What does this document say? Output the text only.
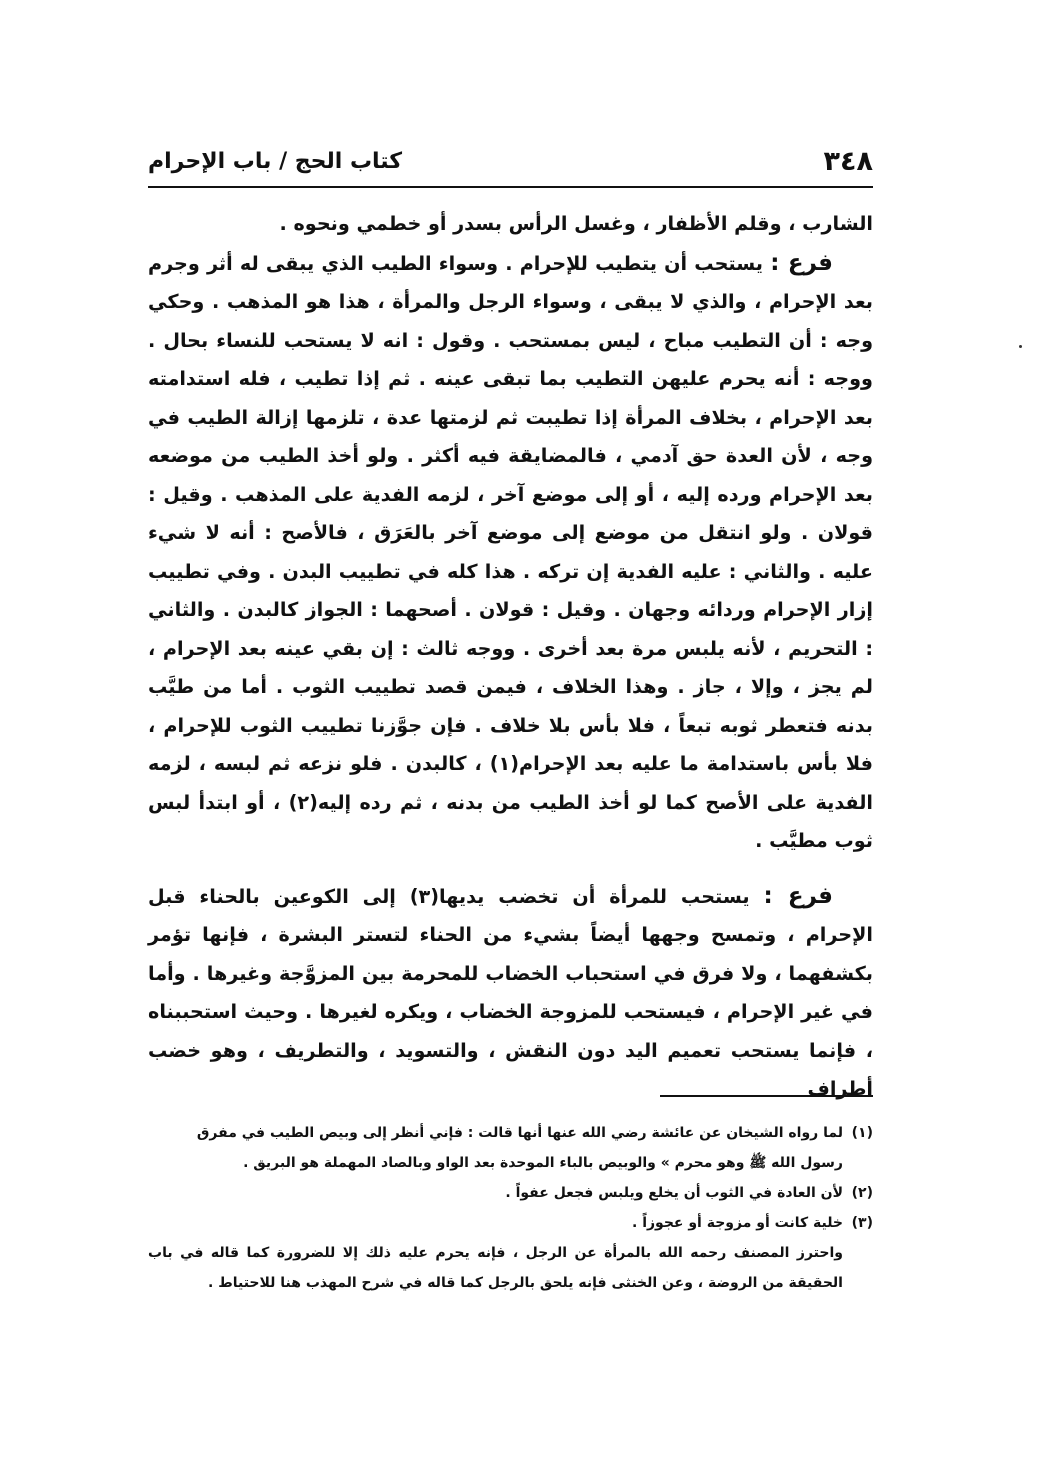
٣٤٨
كتاب الحج / باب الإحرام

الشارب ، وقلم الأظفار ، وغسل الرأس بسدر أو خطمي ونحوه .

فرع : يستحب أن يتطيب للإحرام . وسواء الطيب الذي يبقى له أثر وجرم بعد الإحرام ، والذي لا يبقى ، وسواء الرجل والمرأة ، هذا هو المذهب . وحكي وجه : أن التطيب مباح ، ليس بمستحب . وقول : انه لا يستحب للنساء بحال . ووجه : أنه يحرم عليهن التطيب بما تبقى عينه . ثم إذا تطيب ، فله استدامته بعد الإحرام ، بخلاف المرأة إذا تطيبت ثم لزمتها عدة ، تلزمها إزالة الطيب في وجه ، لأن العدة حق آدمي ، فالمضايقة فيه أكثر . ولو أخذ الطيب من موضعه بعد الإحرام ورده إليه ، أو إلى موضع آخر ، لزمه الفدية على المذهب . وقيل : قولان . ولو انتقل من موضع إلى موضع آخر بالعَرَق ، فالأصح : أنه لا شيء عليه . والثاني : عليه الفدية إن تركه . هذا كله في تطييب البدن . وفي تطييب إزار الإحرام وردائه وجهان . وقيل : قولان . أصحهما : الجواز كالبدن . والثاني : التحريم ، لأنه يلبس مرة بعد أخرى . ووجه ثالث : إن بقي عينه بعد الإحرام ، لم يجز ، وإلا ، جاز . وهذا الخلاف ، فيمن قصد تطييب الثوب . أما من طيَّب بدنه فتعطر ثوبه تبعاً ، فلا بأس بلا خلاف . فإن جوَّزنا تطييب الثوب للإحرام ، فلا بأس باستدامة ما عليه بعد الإحرام(١) ، كالبدن . فلو نزعه ثم لبسه ، لزمه الفدية على الأصح كما لو أخذ الطيب من بدنه ، ثم رده إليه(٢) ، أو ابتدأ لبس ثوب مطيَّب .

فرع : يستحب للمرأة أن تخضب يديها(٣) إلى الكوعين بالحناء قبل الإحرام ، وتمسح وجهها أيضاً بشيء من الحناء لتستر البشرة ، فإنها تؤمر بكشفهما ، ولا فرق في استحباب الخضاب للمحرمة بين المزوَّجة وغيرها . وأما في غير الإحرام ، فيستحب للمزوجة الخضاب ، ويكره لغيرها . وحيث استحببناه ، فإنما يستحب تعميم اليد دون النقش ، والتسويد ، والتطريف ، وهو خضب أطراف

(١)لما رواه الشيخان عن عائشة رضي الله عنها أنها قالت : فإني أنظر إلى وبيص الطيب في مفرق

رسول الله ﷺ وهو محرم » والوبيص بالباء الموحدة بعد الواو وبالصاد المهملة هو البريق .

(٢)لأن العادة في الثوب أن يخلع ويلبس فجعل عفواً .

(٣)خلية كانت أو مزوجة أو عجوزاً .

واحترز المصنف رحمه الله بالمرأة عن الرجل ، فإنه يحرم عليه ذلك إلا للضرورة كما قاله في باب الحقيقة من الروضة ، وعن الخنثى فإنه يلحق بالرجل كما قاله في شرح المهذب هنا للاحتياط .
